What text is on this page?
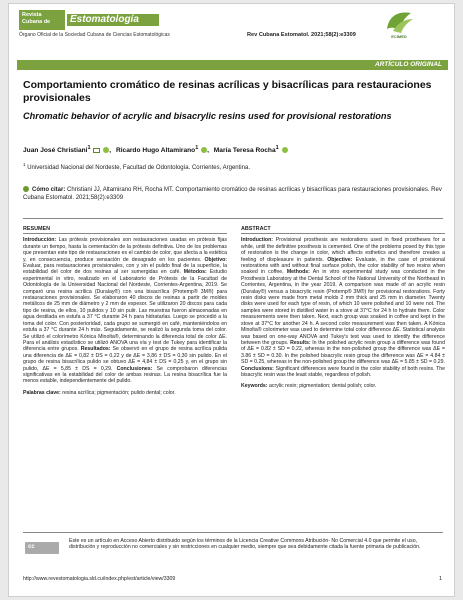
Revista Cubana de	Estomatología
Órgano Oficial de la Sociedad Cubana de Ciencias Estomatológicas	Rev Cubana Estomatol. 2021;58(2):e3309	ECIMED
ARTÍCULO ORIGINAL
Comportamiento cromático de resinas acrílicas y bisacrílicas para restauraciones provisionales
Chromatic behavior of acrylic and bisacrylic resins used for provisional restorations
Juan José Christiani$^1$	, Ricardo Hugo Altamirano$^1$ , María Teresa Rocha$^1$
$^1$ Universidad Nacional del Nordeste, Facultad de Odontología. Corrientes, Argentina.
Cómo citar: Christiani JJ, Altamirano RH, Rocha MT. Comportamiento cromático de resinas acrílicas y bisacrílicas para restauraciones provisionales. Rev Cubana Estomatol. 2021;58(2):e3309
RESUMEN

Introducción: Las prótesis provisionales son restauraciones usadas en prótesis fijas durante un tiempo, hasta la cementación de la prótesis definitiva. Uno de los problemas que presentan este tipo de restauraciones es el cambio de color, que afecta a la estética y, en consecuencia, produce sensación de desagrado en los pacientes. Objetivo: Evaluar, para restauraciones provisionales, con y sin el pulido final de la superficie, la estabilidad del color de dos resinas al ser sumergidas en café. Métodos: Estudio experimental in vitro, realizado en el Laboratorio de Prótesis de la Facultad de Odontología de la Universidad Nacional del Nordeste, Corrientes-Argentina, 2019. Se comparó una resina acrílica (Duralay®) con una bisacrílica (Protemp® 3M®) para restauraciones provisionales. Se elaboraron 40 discos de resinas a partir de moldes metálicos de 25 mm de diámetro y 2 mm de espesor. Se utilizaron 20 discos para cada tipo de resina, de ellos, 10 pulidos y 10 sin pulir. Las muestras fueron almacenadas en agua destilada en estufa a 37 °C durante 24 h para hidratarlas. Luego se procedió a la toma del color. Con posterioridad, cada grupo se sumergió en café, manteniéndolos en estufa a 37 °C durante 24 h más. Seguidamente, se realizó la segunda toma del color. Se utilizó el colorímetro Kónica Minolta®, determinando la diferencia total de color ΔE. Para el análisis estadístico se utilizó ANOVA una vía y test de Tukey para identificar la diferencia entre grupos. Resultados: Se observó en el grupo de resina acrílica pulida una diferencia de ΔE = 0,82 ± DS = 0,22 y de ΔE = 3,86 ± DS = 0,30 sin pulido. En el grupo de resina bisacrílica pulido se obtuvo ΔE = 4,84 ± DS = 0,25 y, en el grupo sin pulido, ΔE = 5,85 ± DS = 0,29. Conclusiones: Se comprobaron diferencias significativas en la estabilidad del color de ambas resinas. La resina bisacrílica fue la menos estable, independientemente del pulido.

Palabras clave: resina acrílica; pigmentación; pulido dental; color.

ABSTRACT

Introduction: Provisional prosthesis are restorations used in fixed prostheses for a while, until the definitive prosthesis is cemented. One of the problems posed by this type of restoration is the change in color, which affects esthetics and therefore creates a feeling of displeasure in patients. Objective: Evaluate, in the case of provisional restorations with and without final surface polish, the color stability of two resins when soaked in coffee. Methods: An in vitro experimental study was conducted in the Prosthesis Laboratory at the Dental School of the National University of the Northeast in Corrientes, Argentina, in the year 2019. A comparison was made of an acrylic resin (Duralay®) versus a bisacrylic resin (Protemp® 3M®) for provisional restorations. Forty resin disks were made from metal molds 2 mm thick and 25 mm in diameter. Twenty disks were used for each type of resin, of which 10 were polished and 10 were not. The samples were stored in distilled water in a stove at 37°C for 24 h to hydrate them. Color measurements were then taken. Next, each group was soaked in coffee and kept in the stove at 37°C for another 24 h. A second color measurement was then taken. A Kónica Minolta® colorimeter was used to determine total color difference ΔE. Statistical analysis was based on one-way ANOVA and Tukey's test was used to identify the difference between the groups. Results: In the polished acrylic resin group a difference was found of ΔE = 0.82 ± SD = 0.22, whereas in the non-polished group the difference was ΔE = 3.86 ± SD = 0.30. In the polished bisacrylic resin group the difference was ΔE = 4.84 ± SD = 0.25, whereas in the non-polished group the difference was ΔE = 5.85 ± SD = 0.29. Conclusions: Significant differences were found in the color stability of both resins. The bisacrylic resin was the least stable, regardless of polish.

Keywords: acrylic resin; pigmentation; dental polish; color.

cc
Este es un artículo en Acceso Abierto distribuido según los términos de la Licencia Creative Commons Atribución- No Comercial 4.0 que permite el uso, distribución y reproducción no comerciales y sin restricciones en cualquier medio, siempre que sea debidamente citada la fuente primaria de publicación.
http://www.revestomatologia.sld.cu/index.php/est/article/view/3309	1
